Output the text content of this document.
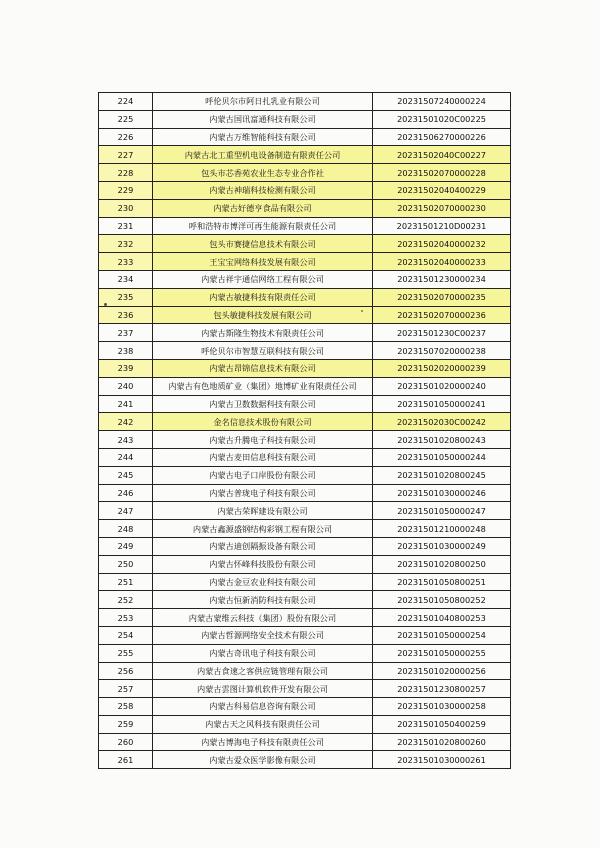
224	呼伦贝尔市阿日扎乳业有限公司	20231507240000224
225	内蒙古国讯富通科技有限公司	20231501020C00225
226	内蒙古万维智能科技有限公司	20231506270000226
227	内蒙古北工重型机电设备制造有限责任公司	20231502040C00227
228	包头市芯香苑农业生态专业合作社	20231502070000228
229	内蒙古神瑞科技检测有限公司	20231502040400229
230	内蒙古好德亨食品有限公司	20231502070000230
231	呼和浩特市博洋可再生能源有限责任公司	20231501210D00231
232	包头市赛捷信息技术有限公司	20231502040000232
233	王宝宝网络科技发展有限公司	20231502040000233
234	内蒙古祥宇通信网络工程有限公司	20231501230000234
235	内蒙古敏捷科技有限责任公司	20231502070000235
236	包头敏捷科技发展有限公司	20231502070000236
237	内蒙古斯隆生物技术有限责任公司	20231501230C00237
238	呼伦贝尔市智慧互联科技有限公司	20231507020000238
239	内蒙古昂锦信息技术有限公司	20231502020000239
240	内蒙古有色地质矿业（集团）地博矿业有限责任公司	20231501020000240
241	内蒙古卫数数据科技有限公司	20231501050000241
242	金名信息技术股份有限公司	20231502030C00242
243	内蒙古升腾电子科技有限公司	20231501020800243
244	内蒙古麦田信息科技有限公司	20231501050000244
245	内蒙古电子口岸股份有限公司	20231501020800245
246	内蒙古普珑电子科技有限公司	20231501030000246
247	内蒙古荣晖建设有限公司	20231501050000247
248	内蒙古鑫源盛钢结构彩钢工程有限公司	20231501210000248
249	内蒙古迪创隔振设备有限公司	20231501030000249
250	内蒙古怀峰科技股份有限公司	20231501020800250
251	内蒙古金豆农业科技有限公司	20231501050800251
252	内蒙古恒新消防科技有限公司	20231501050800252
253	内蒙古蒙维云科技（集团）股份有限公司	20231501040800253
254	内蒙古哲源网络安全技术有限公司	20231501050000254
255	内蒙古奇讯电子科技有限公司	20231501050000255
256	内蒙古食速之客供应链管理有限公司	20231501020000256
257	内蒙古雲图计算机软件开发有限公司	20231501230800257
258	内蒙古科易信息咨询有限公司	20231501030000258
259	内蒙古天之风科技有限责任公司	20231501050400259
260	内蒙古博海电子科技有限责任公司	20231501020800260
261	内蒙古爱众医学影像有限公司	20231501030000261
